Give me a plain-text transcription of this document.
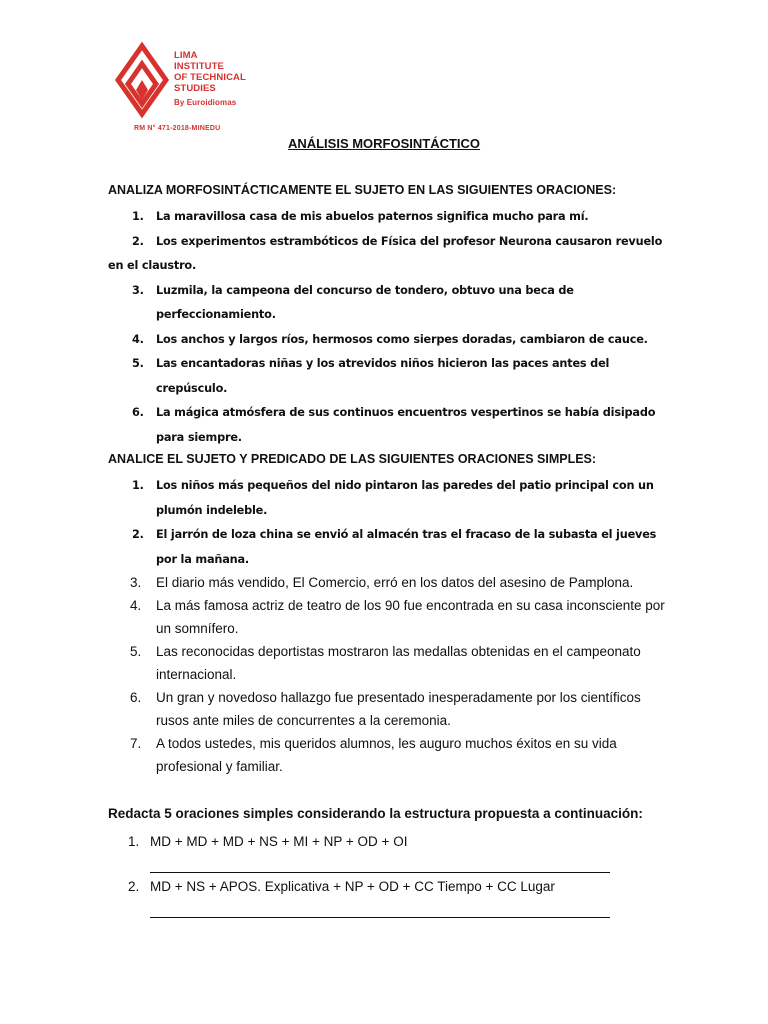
LIMA
INSTITUTE
OF TECHNICAL
STUDIES
By Euroidiomas
RM N° 471-2018-MINEDU
ANÁLISIS MORFOSINTÁCTICO
ANALIZA MORFOSINTÁCTICAMENTE EL SUJETO EN LAS SIGUIENTES ORACIONES:
1. La maravillosa casa de mis abuelos paternos significa mucho para mí.
2. Los experimentos estrambóticos de Física del profesor Neurona causaron revuelo en el claustro.
3. Luzmila, la campeona del concurso de tondero, obtuvo una beca de perfeccionamiento.
4. Los anchos y largos ríos, hermosos como sierpes doradas, cambiaron de cauce.
5. Las encantadoras niñas y los atrevidos niños hicieron las paces antes del crepúsculo.
6. La mágica atmósfera de sus continuos encuentros vespertinos se había disipado para siempre.
ANALICE EL SUJETO Y PREDICADO DE LAS SIGUIENTES ORACIONES SIMPLES:
1. Los niños más pequeños del nido pintaron las paredes del patio principal con un plumón indeleble.
2. El jarrón de loza china se envió al almacén tras el fracaso de la subasta el jueves por la mañana.
3. El diario más vendido, El Comercio, erró en los datos del asesino de Pamplona.
4. La más famosa actriz de teatro de los 90 fue encontrada en su casa inconsciente por un somnífero.
5. Las reconocidas deportistas mostraron las medallas obtenidas en el campeonato internacional.
6. Un gran y novedoso hallazgo fue presentado inesperadamente por los científicos rusos ante miles de concurrentes a la ceremonia.
7. A todos ustedes, mis queridos alumnos, les auguro muchos éxitos en su vida profesional y familiar.
Redacta 5 oraciones simples considerando la estructura propuesta a continuación:
1. MD + MD + MD + NS + MI + NP + OD + OI
2. MD + NS + APOS. Explicativa + NP + OD + CC Tiempo + CC Lugar
